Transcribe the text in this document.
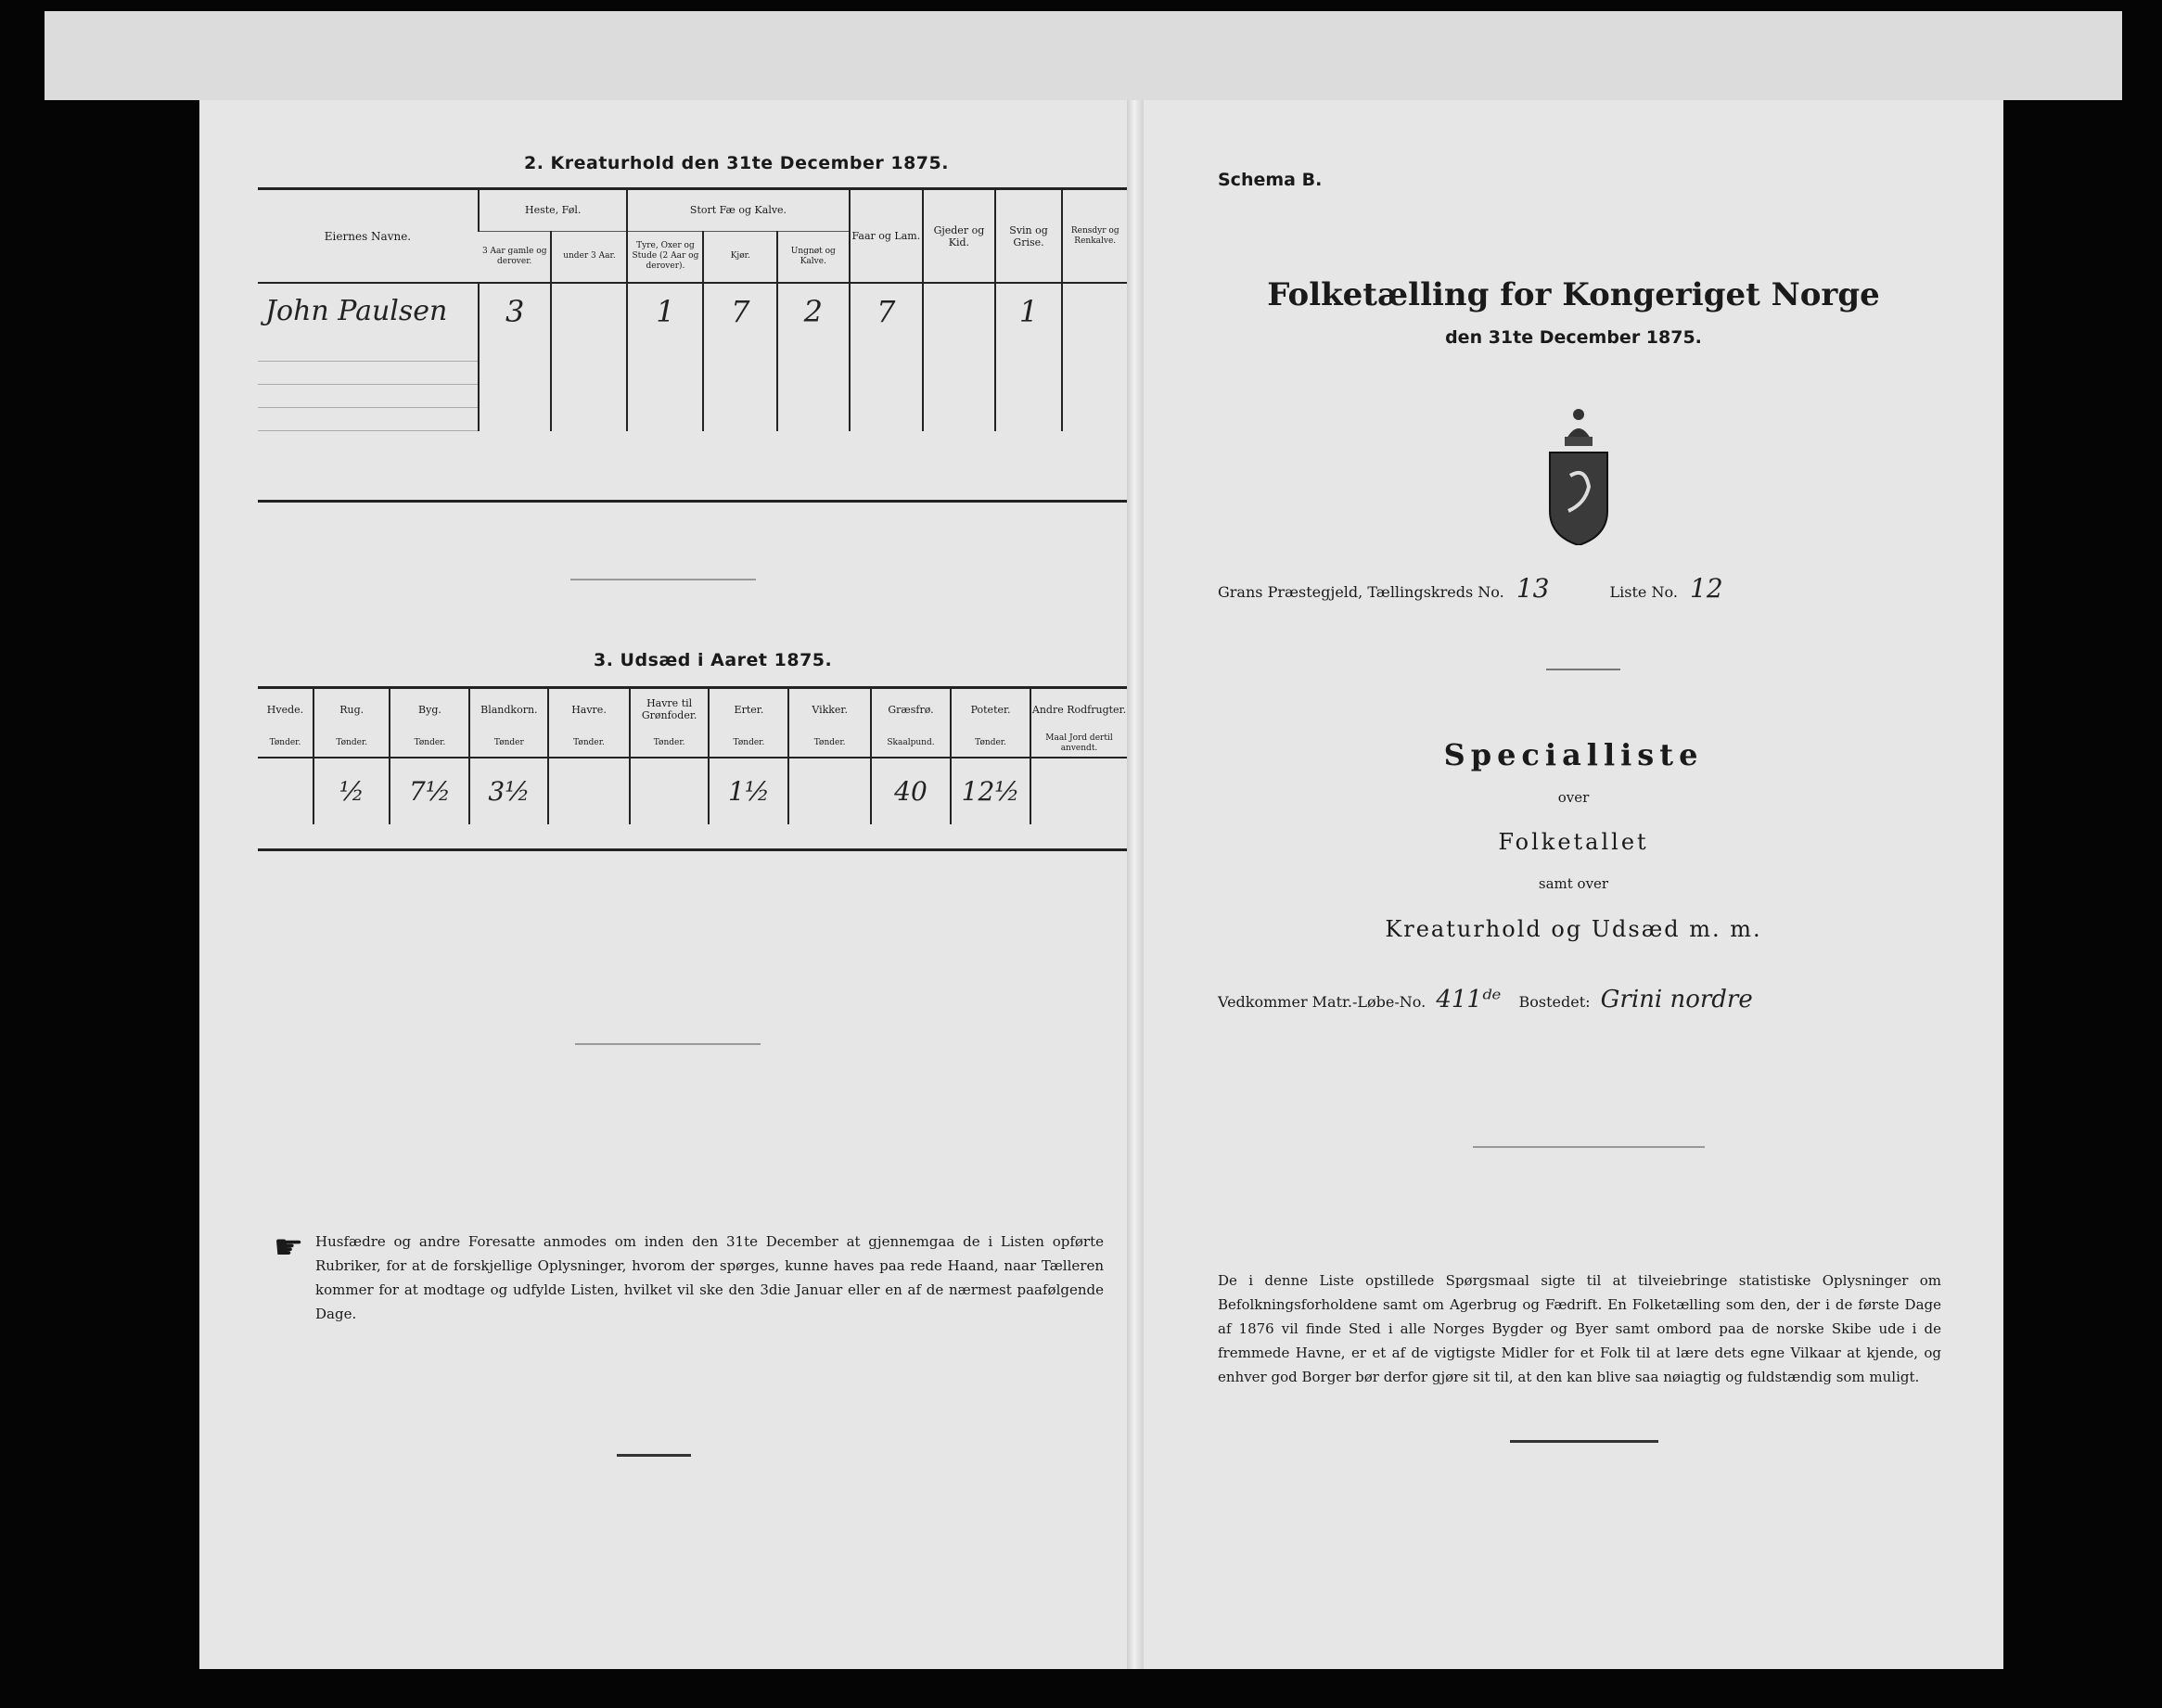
2. Kreaturhold den 31te December 1875.
Eiernes Navne.	Heste, Føl.		Stort Fæ og Kalve.			Faar og Lam.	Gjeder og Kid.	Svin og Grise.	Rensdyr og Renkalve.
	3 Aar gamle og derover.	under 3 Aar.	Tyre, Oxer og Stude (2 Aar og derover).	Kjør.	Ungnøt og Kalve.				
John Paulsen	3		1	7	2	7		1	

3. Udsæd i Aaret 1875.
Hvede.	Rug.	Byg.	Blandkorn.	Havre.	Havre til Grønfoder.	Erter.	Vikker.	Græsfrø.	Poteter.	Andre Rodfrugter.
Tønder.	Tønder.	Tønder.	Tønder	Tønder.	Tønder.	Tønder.	Tønder.	Skaalpund.	Tønder.	Maal Jord dertil anvendt.
	½	7½	3½			1½		40	12½	
☛ Husfædre og andre Foresatte anmodes om inden den 31te December at gjennemgaa de i Listen opførte Rubriker, for at de forskjellige Oplysninger, hvorom der spørges, kunne haves paa rede Haand, naar Tælleren kommer for at modtage og udfylde Listen, hvilket vil ske den 3die Januar eller en af de nærmest paafølgende Dage.
Schema B.
Folketælling for Kongeriget Norge
den 31te December 1875.
Grans Præstegjeld, Tællingskreds No. 13	Liste No. 12
Specialliste
over
Folketallet
samt over
Kreaturhold og Udsæd m. m.
Vedkommer Matr.-Løbe-No. 411ᵈᵉ Bostedet: Grini nordre
De i denne Liste opstillede Spørgsmaal sigte til at tilveiebringe statistiske Oplysninger om Befolkningsforholdene samt om Agerbrug og Fædrift. En Folketælling som den, der i de første Dage af 1876 vil finde Sted i alle Norges Bygder og Byer samt ombord paa de norske Skibe ude i de fremmede Havne, er et af de vigtigste Midler for et Folk til at lære dets egne Vilkaar at kjende, og enhver god Borger bør derfor gjøre sit til, at den kan blive saa nøiagtig og fuldstændig som muligt.
